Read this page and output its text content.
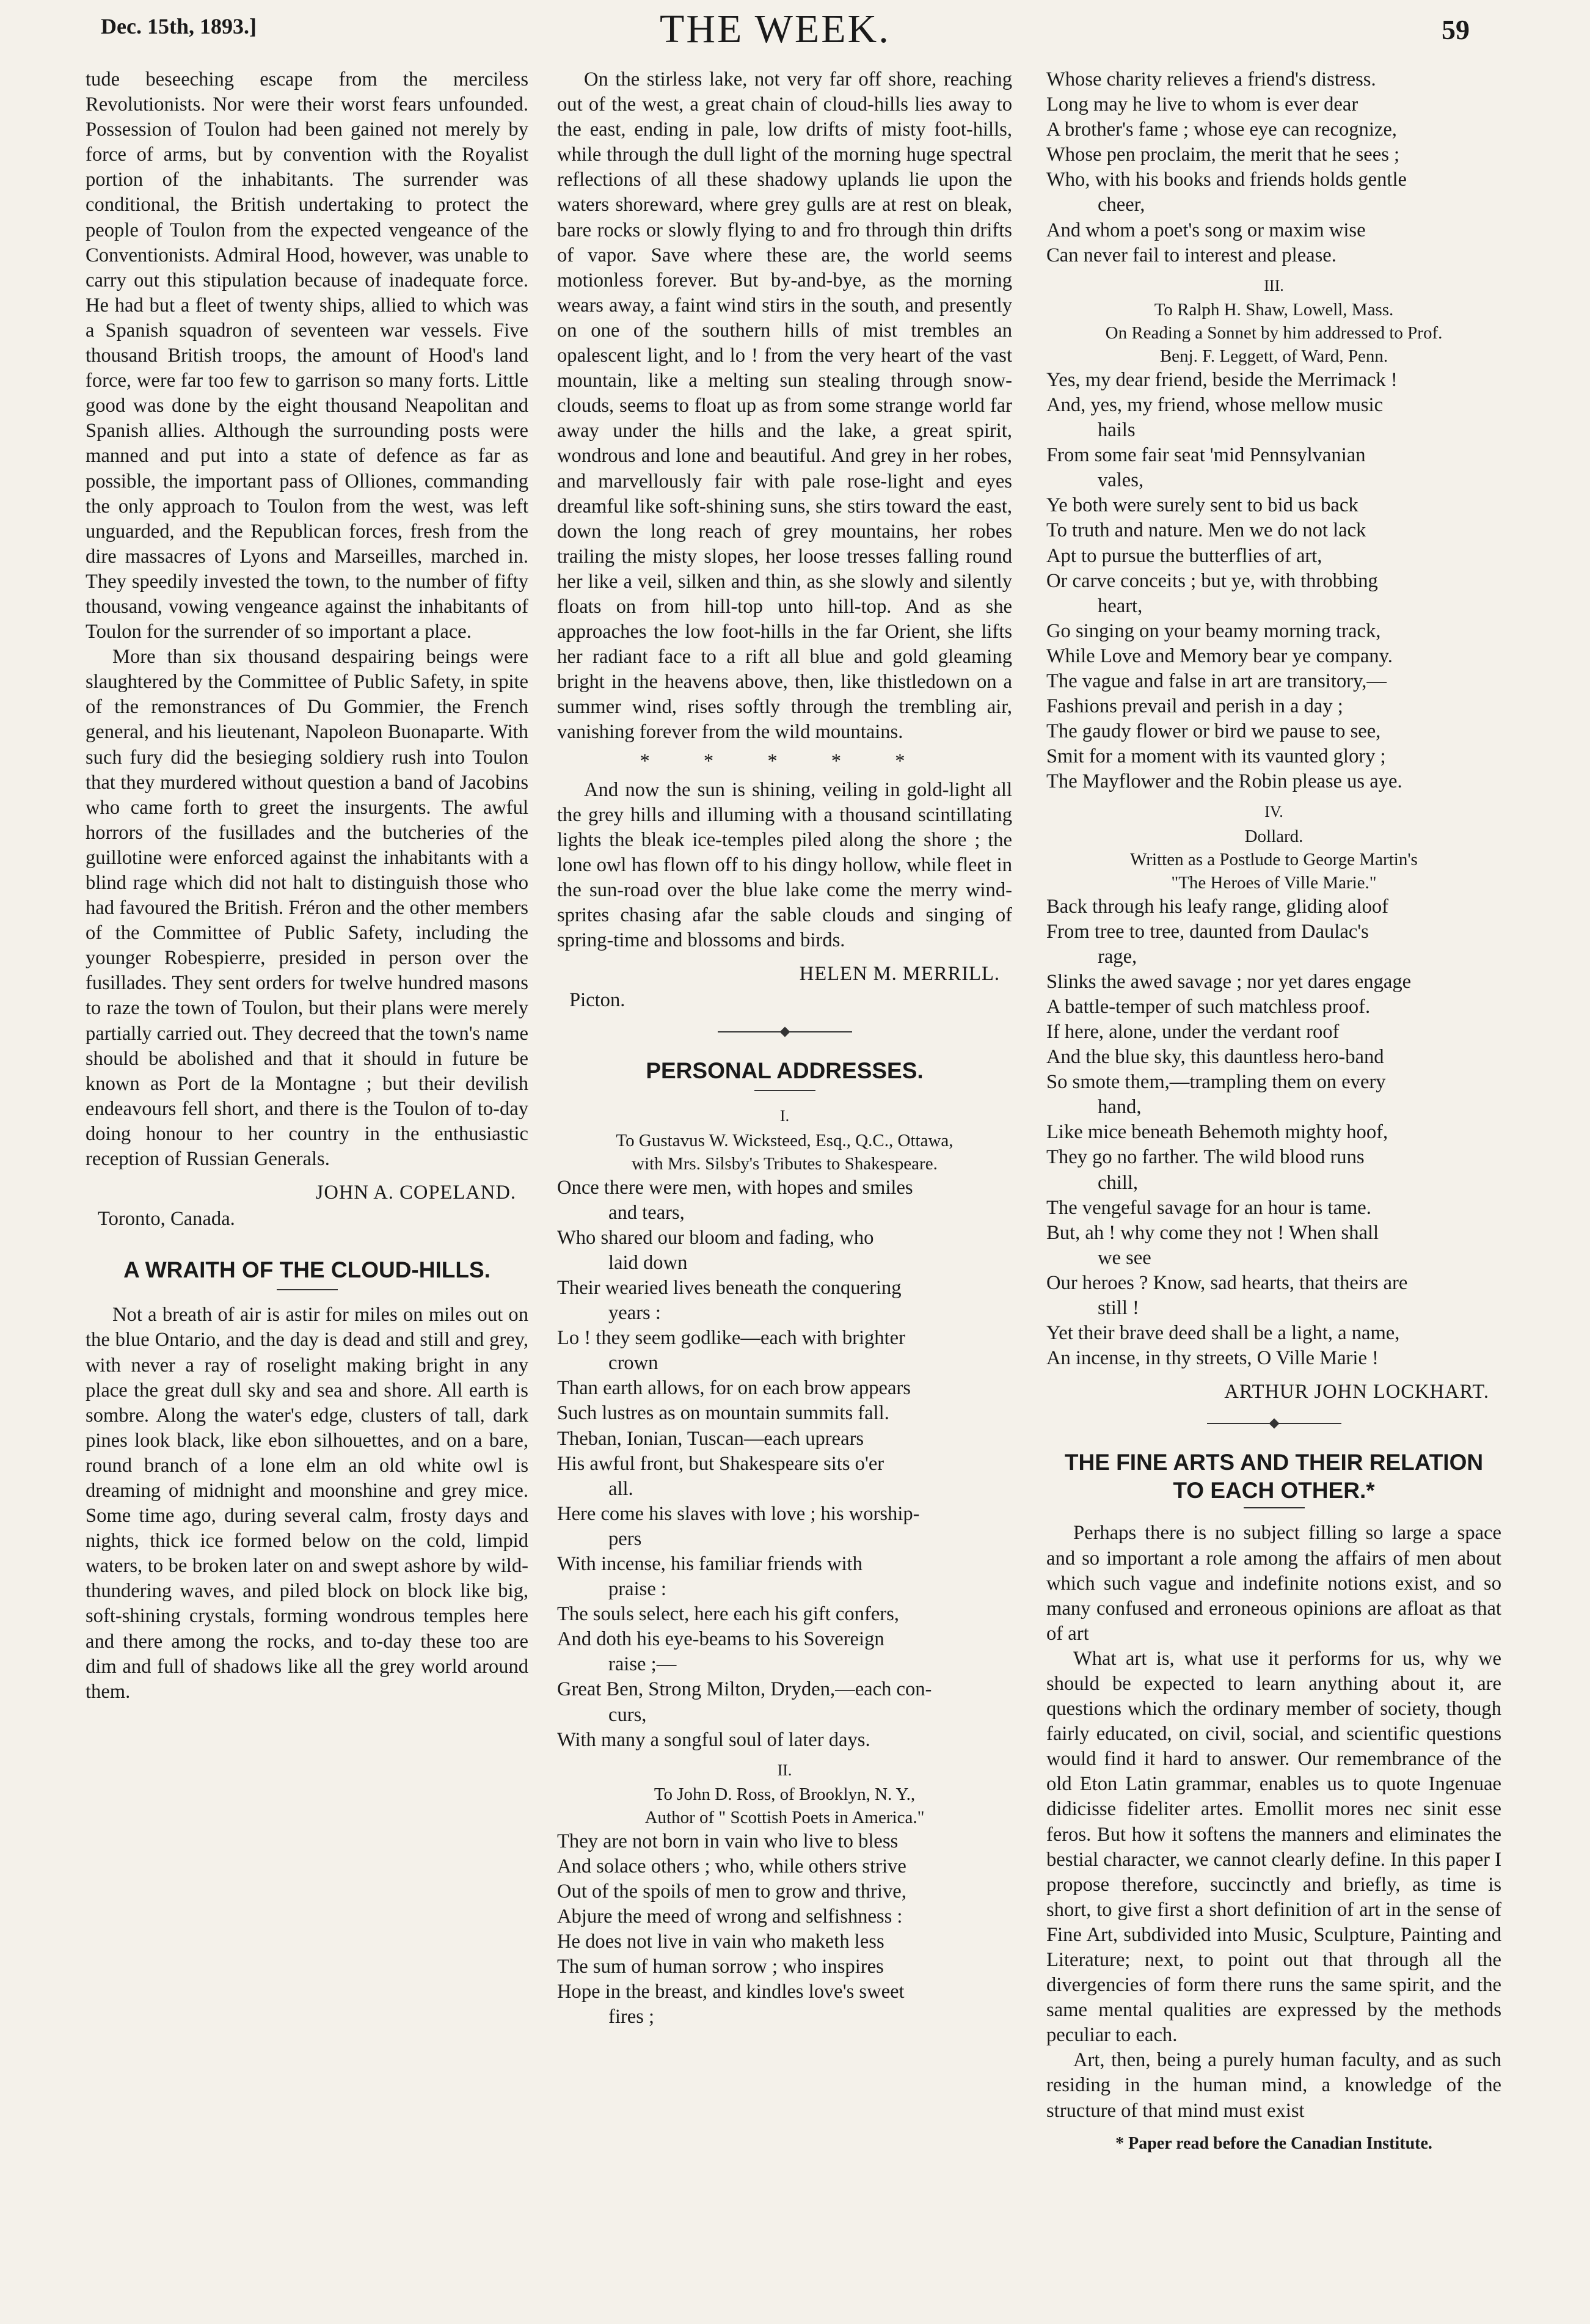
Dec. 15th, 1893.]	THE WEEK.	59

tude beseeching escape from the merciless Revolutionists. Nor were their worst fears unfounded. Possession of Toulon had been gained not merely by force of arms, but by convention with the Royalist portion of the inhabitants. The surrender was conditional, the British undertaking to protect the people of Toulon from the expected vengeance of the Conventionists. Admiral Hood, however, was unable to carry out this stipulation because of inadequate force. He had but a fleet of twenty ships, allied to which was a Spanish squadron of seventeen war vessels. Five thousand British troops, the amount of Hood's land force, were far too few to garrison so many forts. Little good was done by the eight thousand Neapolitan and Spanish allies. Although the surrounding posts were manned and put into a state of defence as far as possible, the important pass of Olliones, commanding the only approach to Toulon from the west, was left unguarded, and the Republican forces, fresh from the dire massacres of Lyons and Marseilles, marched in. They speedily invested the town, to the number of fifty thousand, vowing vengeance against the inhabitants of Toulon for the surrender of so important a place.

More than six thousand despairing beings were slaughtered by the Committee of Public Safety, in spite of the remonstrances of Du Gommier, the French general, and his lieutenant, Napoleon Buonaparte. With such fury did the besieging soldiery rush into Toulon that they murdered without question a band of Jacobins who came forth to greet the insurgents. The awful horrors of the fusillades and the butcheries of the guillotine were enforced against the inhabitants with a blind rage which did not halt to distinguish those who had favoured the British. Fréron and the other members of the Committee of Public Safety, including the younger Robespierre, presided in person over the fusillades. They sent orders for twelve hundred masons to raze the town of Toulon, but their plans were merely partially carried out. They decreed that the town's name should be abolished and that it should in future be known as Port de la Montagne ; but their devilish endeavours fell short, and there is the Toulon of to-day doing honour to her country in the enthusiastic reception of Russian Generals.

JOHN A. COPELAND.
Toronto, Canada.
A WRAITH OF THE CLOUD-HILLS.

Not a breath of air is astir for miles on miles out on the blue Ontario, and the day is dead and still and grey, with never a ray of roselight making bright in any place the great dull sky and sea and shore. All earth is sombre. Along the water's edge, clusters of tall, dark pines look black, like ebon silhouettes, and on a bare, round branch of a lone elm an old white owl is dreaming of midnight and moonshine and grey mice. Some time ago, during several calm, frosty days and nights, thick ice formed below on the cold, limpid waters, to be broken later on and swept ashore by wild-thundering waves, and piled block on block like big, soft-shining crystals, forming wondrous temples here and there among the rocks, and to-day these too are dim and full of shadows like all the grey world around them.

On the stirless lake, not very far off shore, reaching out of the west, a great chain of cloud-hills lies away to the east, ending in pale, low drifts of misty foot-hills, while through the dull light of the morning huge spectral reflections of all these shadowy uplands lie upon the waters shoreward, where grey gulls are at rest on bleak, bare rocks or slowly flying to and fro through thin drifts of vapor. Save where these are, the world seems motionless forever. But by-and-bye, as the morning wears away, a faint wind stirs in the south, and presently on one of the southern hills of mist trembles an opalescent light, and lo ! from the very heart of the vast mountain, like a melting sun stealing through snow-clouds, seems to float up as from some strange world far away under the hills and the lake, a great spirit, wondrous and lone and beautiful. And grey in her robes, and marvellously fair with pale rose-light and eyes dreamful like soft-shining suns, she stirs toward the east, down the long reach of grey mountains, her robes trailing the misty slopes, her loose tresses falling round her like a veil, silken and thin, as she slowly and silently floats on from hill-top unto hill-top. And as she approaches the low foot-hills in the far Orient, she lifts her radiant face to a rift all blue and gold gleaming bright in the heavens above, then, like thistledown on a summer wind, rises softly through the trembling air, vanishing forever from the wild mountains.

* * * * *

And now the sun is shining, veiling in gold-light all the grey hills and illuming with a thousand scintillating lights the bleak ice-temples piled along the shore ; the lone owl has flown off to his dingy hollow, while fleet in the sun-road over the blue lake come the merry wind-sprites chasing afar the sable clouds and singing of spring-time and blossoms and birds.

HELEN M. MERRILL.
Picton.
PERSONAL ADDRESSES.
I.
To Gustavus W. Wicksteed, Esq., Q.C., Ottawa,
with Mrs. Silsby's Tributes to Shakespeare.
Once there were men, with hopes and smiles
and tears,
Who shared our bloom and fading, who
laid down
Their wearied lives beneath the conquering
years :
Lo ! they seem godlike—each with brighter
crown
Than earth allows, for on each brow appears
Such lustres as on mountain summits fall.
Theban, Ionian, Tuscan—each uprears
His awful front, but Shakespeare sits o'er
all.
Here come his slaves with love ; his worship-
pers
With incense, his familiar friends with
praise :
The souls select, here each his gift confers,
And doth his eye-beams to his Sovereign
raise ;—
Great Ben, Strong Milton, Dryden,—each con-
curs,
With many a songful soul of later days.
II.
To John D. Ross, of Brooklyn, N. Y.,
Author of " Scottish Poets in America."
They are not born in vain who live to bless
And solace others ; who, while others strive
Out of the spoils of men to grow and thrive,
Abjure the meed of wrong and selfishness :
He does not live in vain who maketh less
The sum of human sorrow ; who inspires
Hope in the breast, and kindles love's sweet
fires ;
Whose charity relieves a friend's distress.
Long may he live to whom is ever dear
A brother's fame ; whose eye can recognize,
Whose pen proclaim, the merit that he sees ;
Who, with his books and friends holds gentle
cheer,
And whom a poet's song or maxim wise
Can never fail to interest and please.
III.
To Ralph H. Shaw, Lowell, Mass.
On Reading a Sonnet by him addressed to Prof.
Benj. F. Leggett, of Ward, Penn.
Yes, my dear friend, beside the Merrimack !
And, yes, my friend, whose mellow music
hails
From some fair seat 'mid Pennsylvanian
vales,
Ye both were surely sent to bid us back
To truth and nature. Men we do not lack
Apt to pursue the butterflies of art,
Or carve conceits ; but ye, with throbbing
heart,
Go singing on your beamy morning track,
While Love and Memory bear ye company.
The vague and false in art are transitory,—
Fashions prevail and perish in a day ;
The gaudy flower or bird we pause to see,
Smit for a moment with its vaunted glory ;
The Mayflower and the Robin please us aye.
IV.
Dollard.
Written as a Postlude to George Martin's
"The Heroes of Ville Marie."
Back through his leafy range, gliding aloof
From tree to tree, daunted from Daulac's
rage,
Slinks the awed savage ; nor yet dares engage
A battle-temper of such matchless proof.
If here, alone, under the verdant roof
And the blue sky, this dauntless hero-band
So smote them,—trampling them on every
hand,
Like mice beneath Behemoth mighty hoof,
They go no farther. The wild blood runs
chill,
The vengeful savage for an hour is tame.
But, ah ! why come they not ! When shall
we see
Our heroes ? Know, sad hearts, that theirs are
still !
Yet their brave deed shall be a light, a name,
An incense, in thy streets, O Ville Marie !
ARTHUR JOHN LOCKHART.
THE FINE ARTS AND THEIR RELATION
TO EACH OTHER.*

Perhaps there is no subject filling so large a space and so important a role among the affairs of men about which such vague and indefinite notions exist, and so many confused and erroneous opinions are afloat as that of art

What art is, what use it performs for us, why we should be expected to learn anything about it, are questions which the ordinary member of society, though fairly educated, on civil, social, and scientific questions would find it hard to answer. Our remembrance of the old Eton Latin grammar, enables us to quote Ingenuae didicisse fideliter artes. Emollit mores nec sinit esse feros. But how it softens the manners and eliminates the bestial character, we cannot clearly define. In this paper I propose therefore, succinctly and briefly, as time is short, to give first a short definition of art in the sense of Fine Art, subdivided into Music, Sculpture, Painting and Literature; next, to point out that through all the divergencies of form there runs the same spirit, and the same mental qualities are expressed by the methods peculiar to each.

Art, then, being a purely human faculty, and as such residing in the human mind, a knowledge of the structure of that mind must exist

* Paper read before the Canadian Institute.
